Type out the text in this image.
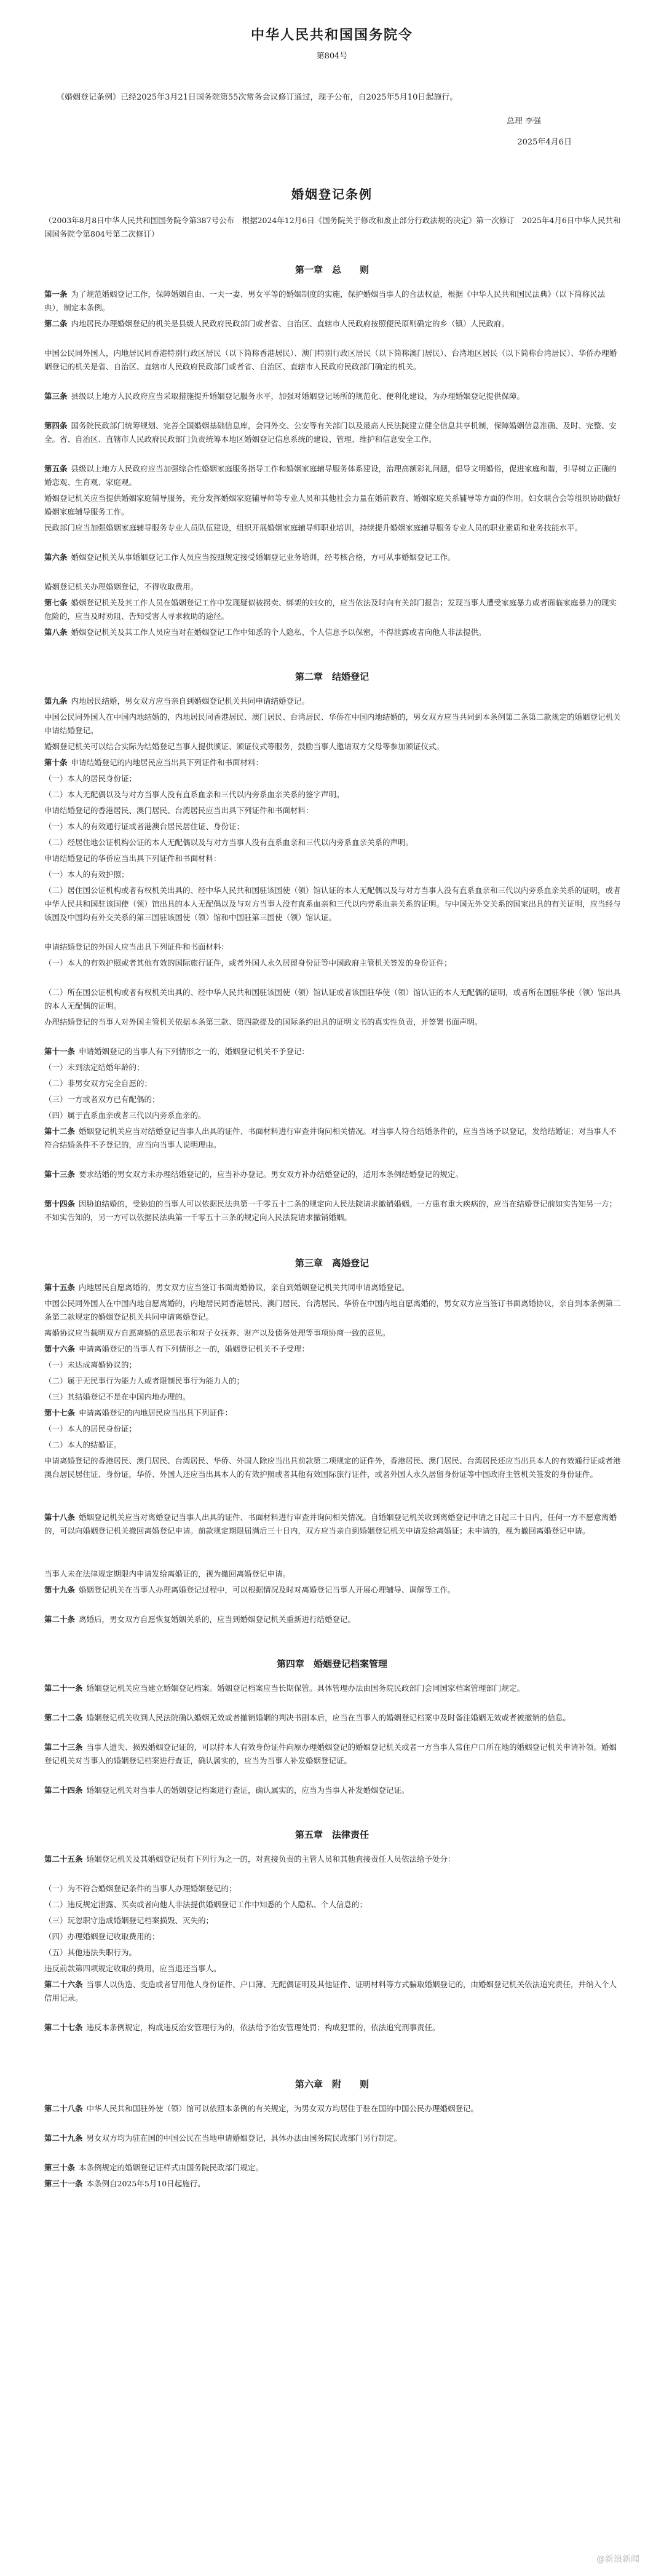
中华人民共和国国务院令
第804号
《婚姻登记条例》已经2025年3月21日国务院第55次常务会议修订通过，现予公布，自2025年5月10日起施行。
总理 李强
2025年4月6日
婚姻登记条例
（2003年8月8日中华人民共和国国务院令第387号公布　根据2024年12月6日《国务院关于修改和废止部分行政法规的决定》第一次修订　2025年4月6日中华人民共和国国务院令第804号第二次修订）
第一章　总　　则
第一条 为了规范婚姻登记工作，保障婚姻自由、一夫一妻、男女平等的婚姻制度的实施，保护婚姻当事人的合法权益，根据《中华人民共和国民法典》（以下简称民法典），制定本条例。
第二条 内地居民办理婚姻登记的机关是县级人民政府民政部门或者省、自治区、直辖市人民政府按照便民原则确定的乡（镇）人民政府。
中国公民同外国人，内地居民同香港特别行政区居民（以下简称香港居民）、澳门特别行政区居民（以下简称澳门居民）、台湾地区居民（以下简称台湾居民）、华侨办理婚姻登记的机关是省、自治区、直辖市人民政府民政部门或者省、自治区、直辖市人民政府民政部门确定的机关。
第三条 县级以上地方人民政府应当采取措施提升婚姻登记服务水平，加强对婚姻登记场所的规范化、便利化建设，为办理婚姻登记提供保障。
第四条 国务院民政部门统筹规划、完善全国婚姻基础信息库，会同外交、公安等有关部门以及最高人民法院建立健全信息共享机制，保障婚姻信息准确、及时、完整、安全。省、自治区、直辖市人民政府民政部门负责统筹本地区婚姻登记信息系统的建设、管理、维护和信息安全工作。
第五条 县级以上地方人民政府应当加强综合性婚姻家庭服务指导工作和婚姻家庭辅导服务体系建设，治理高额彩礼问题，倡导文明婚俗，促进家庭和谐，引导树立正确的婚恋观、生育观、家庭观。
婚姻登记机关应当提供婚姻家庭辅导服务，充分发挥婚姻家庭辅导师等专业人员和其他社会力量在婚前教育、婚姻家庭关系辅导等方面的作用。妇女联合会等组织协助做好婚姻家庭辅导服务工作。
民政部门应当加强婚姻家庭辅导服务专业人员队伍建设，组织开展婚姻家庭辅导师职业培训，持续提升婚姻家庭辅导服务专业人员的职业素质和业务技能水平。
第六条 婚姻登记机关从事婚姻登记工作人员应当按照规定接受婚姻登记业务培训，经考核合格，方可从事婚姻登记工作。
婚姻登记机关办理婚姻登记，不得收取费用。
第七条 婚姻登记机关及其工作人员在婚姻登记工作中发现疑似被拐卖、绑架的妇女的，应当依法及时向有关部门报告；发现当事人遭受家庭暴力或者面临家庭暴力的现实危险的，应当及时劝阻、告知受害人寻求救助的途径。
第八条 婚姻登记机关及其工作人员应当对在婚姻登记工作中知悉的个人隐私、个人信息予以保密，不得泄露或者向他人非法提供。
第二章　结婚登记
第九条 内地居民结婚，男女双方应当亲自到婚姻登记机关共同申请结婚登记。
中国公民同外国人在中国内地结婚的，内地居民同香港居民、澳门居民、台湾居民、华侨在中国内地结婚的，男女双方应当共同到本条例第二条第二款规定的婚姻登记机关申请结婚登记。
婚姻登记机关可以结合实际为结婚登记当事人提供颁证、颁证仪式等服务，鼓励当事人邀请双方父母等参加颁证仪式。
第十条 申请结婚登记的内地居民应当出具下列证件和书面材料：
（一）本人的居民身份证；
（二）本人无配偶以及与对方当事人没有直系血亲和三代以内旁系血亲关系的签字声明。
申请结婚登记的香港居民、澳门居民、台湾居民应当出具下列证件和书面材料：
（一）本人的有效通行证或者港澳台居民居住证、身份证；
（二）经居住地公证机构公证的本人无配偶以及与对方当事人没有直系血亲和三代以内旁系血亲关系的声明。
申请结婚登记的华侨应当出具下列证件和书面材料：
（一）本人的有效护照；
（二）居住国公证机构或者有权机关出具的、经中华人民共和国驻该国使（领）馆认证的本人无配偶以及与对方当事人没有直系血亲和三代以内旁系血亲关系的证明，或者中华人民共和国驻该国使（领）馆出具的本人无配偶以及与对方当事人没有直系血亲和三代以内旁系血亲关系的证明。与中国无外交关系的国家出具的有关证明，应当经与该国及中国均有外交关系的第三国驻该国使（领）馆和中国驻第三国使（领）馆认证。
申请结婚登记的外国人应当出具下列证件和书面材料：
（一）本人的有效护照或者其他有效的国际旅行证件，或者外国人永久居留身份证等中国政府主管机关签发的身份证件；
（二）所在国公证机构或者有权机关出具的、经中华人民共和国驻该国使（领）馆认证或者该国驻华使（领）馆认证的本人无配偶的证明，或者所在国驻华使（领）馆出具的本人无配偶的证明。
办理结婚登记的当事人对外国主管机关依据本条第三款、第四款提及的国际条约出具的证明文书的真实性负责，并签署书面声明。
第十一条 申请婚姻登记的当事人有下列情形之一的，婚姻登记机关不予登记：
（一）未到法定结婚年龄的；
（二）非男女双方完全自愿的；
（三）一方或者双方已有配偶的；
（四）属于直系血亲或者三代以内旁系血亲的。
第十二条 婚姻登记机关应当对结婚登记当事人出具的证件、书面材料进行审查并询问相关情况。对当事人符合结婚条件的，应当当场予以登记，发给结婚证；对当事人不符合结婚条件不予登记的，应当向当事人说明理由。
第十三条 要求结婚的男女双方未办理结婚登记的，应当补办登记。男女双方补办结婚登记的，适用本条例结婚登记的规定。
第十四条 因胁迫结婚的，受胁迫的当事人可以依据民法典第一千零五十二条的规定向人民法院请求撤销婚姻。一方患有重大疾病的，应当在结婚登记前如实告知另一方；不如实告知的，另一方可以依据民法典第一千零五十三条的规定向人民法院请求撤销婚姻。
第三章　离婚登记
第十五条 内地居民自愿离婚的，男女双方应当签订书面离婚协议，亲自到婚姻登记机关共同申请离婚登记。
中国公民同外国人在中国内地自愿离婚的，内地居民同香港居民、澳门居民、台湾居民、华侨在中国内地自愿离婚的，男女双方应当签订书面离婚协议，亲自到本条例第二条第二款规定的婚姻登记机关共同申请离婚登记。
离婚协议应当载明双方自愿离婚的意思表示和对子女抚养、财产以及债务处理等事项协商一致的意见。
第十六条 申请离婚登记的当事人有下列情形之一的，婚姻登记机关不予受理：
（一）未达成离婚协议的；
（二）属于无民事行为能力人或者限制民事行为能力人的；
（三）其结婚登记不是在中国内地办理的。
第十七条 申请离婚登记的内地居民应当出具下列证件：
（一）本人的居民身份证；
（二）本人的结婚证。
申请离婚登记的香港居民、澳门居民、台湾居民、华侨、外国人除应当出具前款第二项规定的证件外，香港居民、澳门居民、台湾居民还应当出具本人的有效通行证或者港澳台居民居住证、身份证，华侨、外国人还应当出具本人的有效护照或者其他有效国际旅行证件，或者外国人永久居留身份证等中国政府主管机关签发的身份证件。
第十八条 婚姻登记机关应当对离婚登记当事人出具的证件、书面材料进行审查并询问相关情况。自婚姻登记机关收到离婚登记申请之日起三十日内，任何一方不愿意离婚的，可以向婚姻登记机关撤回离婚登记申请。前款规定期限届满后三十日内，双方应当亲自到婚姻登记机关申请发给离婚证；未申请的，视为撤回离婚登记申请。
当事人未在法律规定期限内申请发给离婚证的，视为撤回离婚登记申请。
第十九条 婚姻登记机关在当事人办理离婚登记过程中，可以根据情况及时对离婚登记当事人开展心理辅导、调解等工作。
第二十条 离婚后，男女双方自愿恢复婚姻关系的，应当到婚姻登记机关重新进行结婚登记。
第四章　婚姻登记档案管理
第二十一条 婚姻登记机关应当建立婚姻登记档案。婚姻登记档案应当长期保管。具体管理办法由国务院民政部门会同国家档案管理部门规定。
第二十二条 婚姻登记机关收到人民法院确认婚姻无效或者撤销婚姻的判决书副本后，应当在当事人的婚姻登记档案中及时备注婚姻无效或者被撤销的信息。
第二十三条 当事人遗失、损毁婚姻登记证的，可以持本人有效身份证件向原办理婚姻登记的婚姻登记机关或者一方当事人常住户口所在地的婚姻登记机关申请补领。婚姻登记机关对当事人的婚姻登记档案进行查证，确认属实的，应当为当事人补发婚姻登记证。
第二十四条 婚姻登记机关对当事人的婚姻登记档案进行查证，确认属实的，应当为当事人补发婚姻登记证。
第五章　法律责任
第二十五条 婚姻登记机关及其婚姻登记员有下列行为之一的，对直接负责的主管人员和其他直接责任人员依法给予处分：
（一）为不符合婚姻登记条件的当事人办理婚姻登记的；
（二）违反规定泄露、买卖或者向他人非法提供婚姻登记工作中知悉的个人隐私、个人信息的；
（三）玩忽职守造成婚姻登记档案损毁、灭失的；
（四）办理婚姻登记收取费用的；
（五）其他违法失职行为。
违反前款第四项规定收取的费用，应当退还当事人。
第二十六条 当事人以伪造、变造或者冒用他人身份证件、户口簿、无配偶证明及其他证件、证明材料等方式骗取婚姻登记的，由婚姻登记机关依法追究责任，并纳入个人信用记录。
第二十七条 违反本条例规定，构成违反治安管理行为的，依法给予治安管理处罚；构成犯罪的，依法追究刑事责任。
第六章　附　　则
第二十八条 中华人民共和国驻外使（领）馆可以依照本条例的有关规定，为男女双方均居住于驻在国的中国公民办理婚姻登记。
第二十九条 男女双方均为驻在国的中国公民在当地申请婚姻登记，具体办法由国务院民政部门另行制定。
第三十条 本条例规定的婚姻登记证样式由国务院民政部门规定。
第三十一条 本条例自2025年5月10日起施行。
@新浪新闻
